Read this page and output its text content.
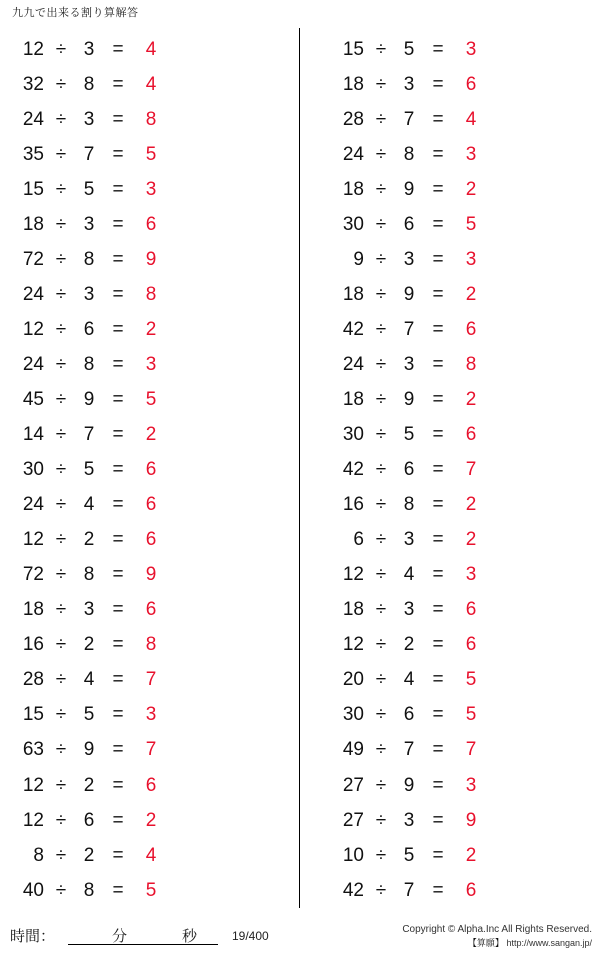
九九で出来る割り算解答
12 ÷ 3 =	4
32 ÷ 8 =	4
24 ÷ 3 =	8
35 ÷ 7 =	5
15 ÷ 5 =	3
18 ÷ 3 =	6
72 ÷ 8 =	9
24 ÷ 3 =	8
12 ÷ 6 =	2
24 ÷ 8 =	3
45 ÷ 9 =	5
14 ÷ 7 =	2
30 ÷ 5 =	6
24 ÷ 4 =	6
12 ÷ 2 =	6
72 ÷ 8 =	9
18 ÷ 3 =	6
16 ÷ 2 =	8
28 ÷ 4 =	7
15 ÷ 5 =	3
63 ÷ 9 =	7
12 ÷ 2 =	6
12 ÷ 6 =	2
8 ÷ 2 =	4
40 ÷ 8 =	5
15 ÷ 5 =	3
18 ÷ 3 =	6
28 ÷ 7 =	4
24 ÷ 8 =	3
18 ÷ 9 =	2
30 ÷ 6 =	5
9 ÷ 3 =	3
18 ÷ 9 =	2
42 ÷ 7 =	6
24 ÷ 3 =	8
18 ÷ 9 =	2
30 ÷ 5 =	6
42 ÷ 6 =	7
16 ÷ 8 =	2
6 ÷ 3 =	2
12 ÷ 4 =	3
18 ÷ 3 =	6
12 ÷ 2 =	6
20 ÷ 4 =	5
30 ÷ 6 =	5
49 ÷ 7 =	7
27 ÷ 9 =	3
27 ÷ 3 =	9
10 ÷ 5 =	2
42 ÷ 7 =	6
時間：	分	秒	19/400	Copyright © Alpha.Inc All Rights Reserved.
【算願】 http://www.sangan.jp/
